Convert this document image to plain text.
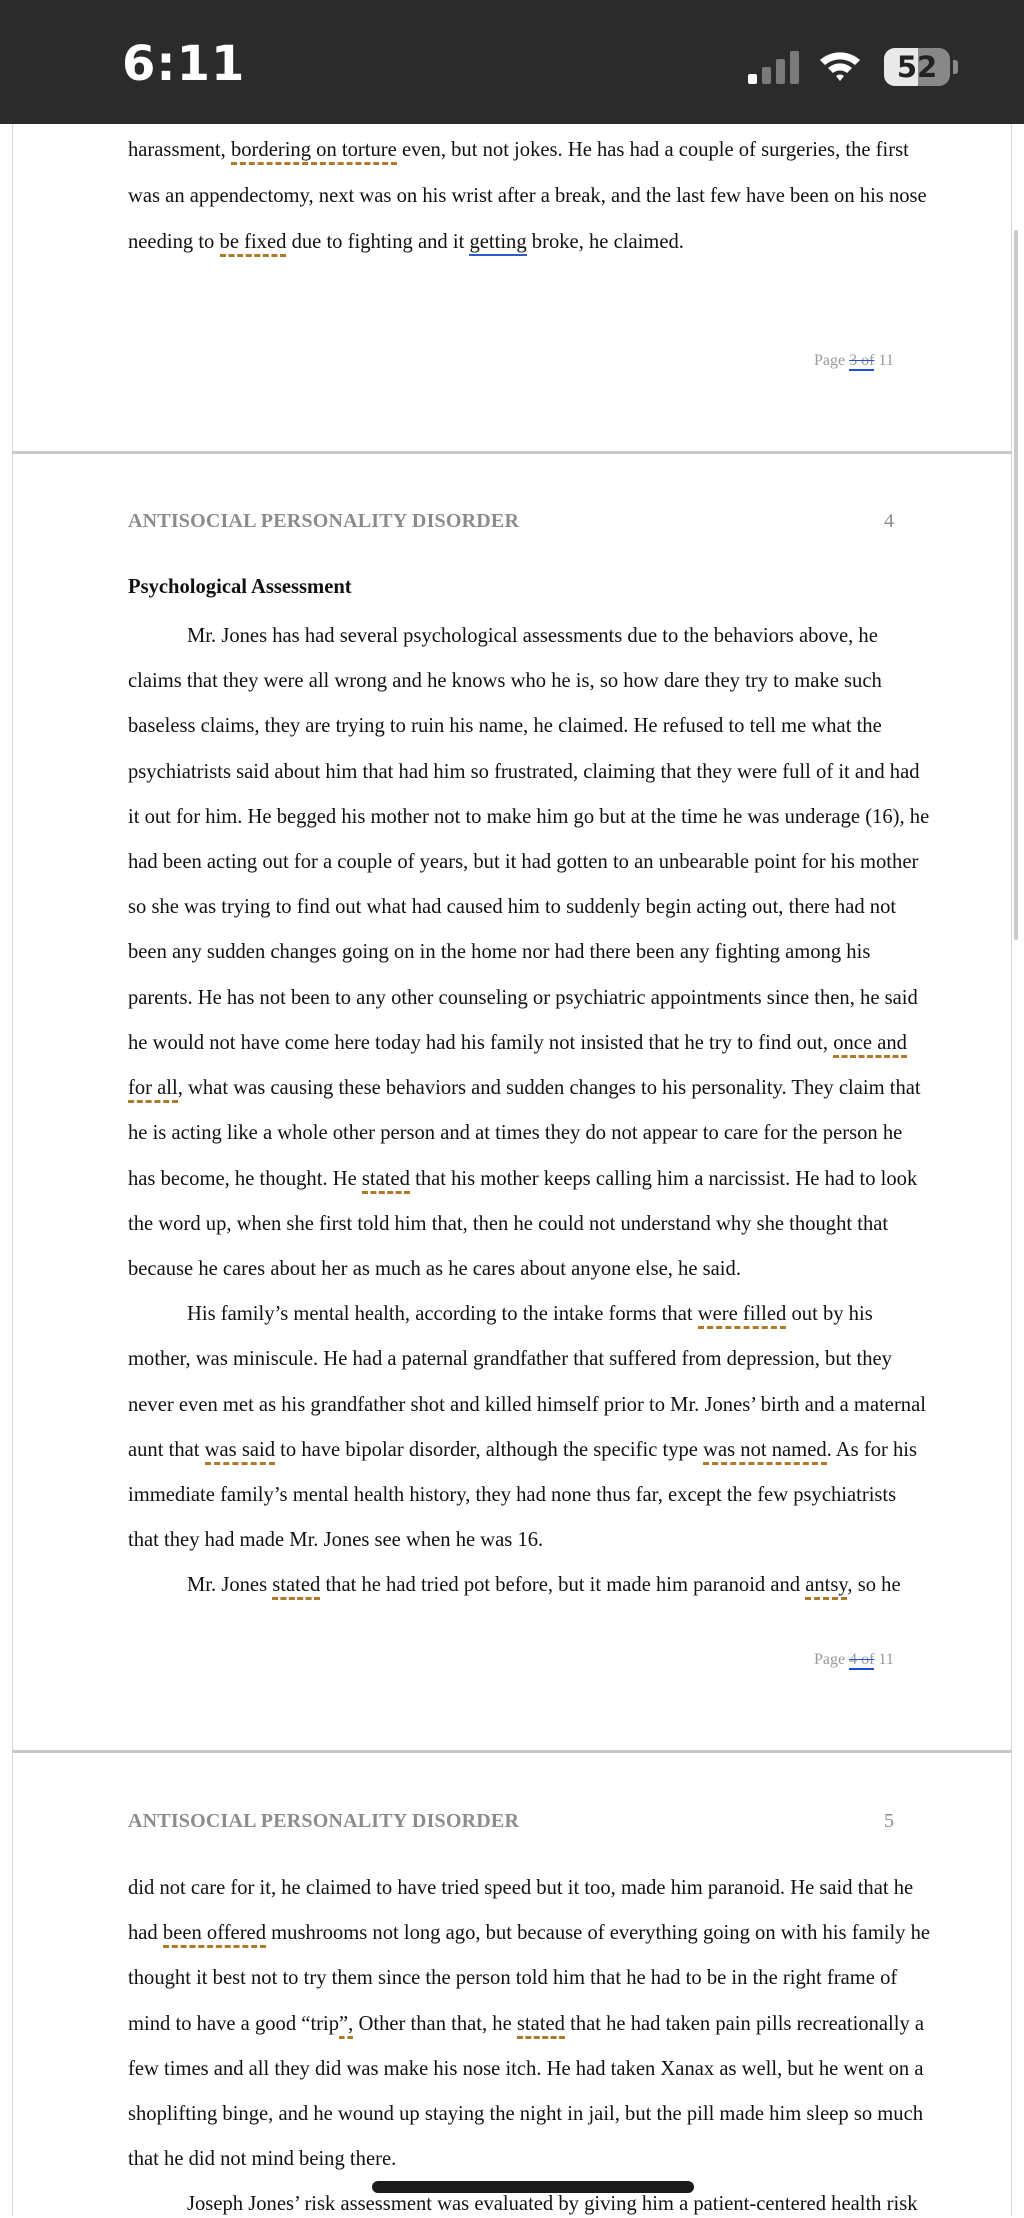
6:11	52
harassment, bordering on torture even, but not jokes. He has had a couple of surgeries, the first
was an appendectomy, next was on his wrist after a break, and the last few have been on his nose
needing to be fixed due to fighting and it getting broke, he claimed.
Page 3 of 11
ANTISOCIAL PERSONALITY DISORDER	4
Psychological Assessment
Mr. Jones has had several psychological assessments due to the behaviors above, he
claims that they were all wrong and he knows who he is, so how dare they try to make such
baseless claims, they are trying to ruin his name, he claimed. He refused to tell me what the
psychiatrists said about him that had him so frustrated, claiming that they were full of it and had
it out for him. He begged his mother not to make him go but at the time he was underage (16), he
had been acting out for a couple of years, but it had gotten to an unbearable point for his mother
so she was trying to find out what had caused him to suddenly begin acting out, there had not
been any sudden changes going on in the home nor had there been any fighting among his
parents. He has not been to any other counseling or psychiatric appointments since then, he said
he would not have come here today had his family not insisted that he try to find out, once and
for all, what was causing these behaviors and sudden changes to his personality. They claim that
he is acting like a whole other person and at times they do not appear to care for the person he
has become, he thought. He stated that his mother keeps calling him a narcissist. He had to look
the word up, when she first told him that, then he could not understand why she thought that
because he cares about her as much as he cares about anyone else, he said.
His family’s mental health, according to the intake forms that were filled out by his
mother, was miniscule. He had a paternal grandfather that suffered from depression, but they
never even met as his grandfather shot and killed himself prior to Mr. Jones’ birth and a maternal
aunt that was said to have bipolar disorder, although the specific type was not named. As for his
immediate family’s mental health history, they had none thus far, except the few psychiatrists
that they had made Mr. Jones see when he was 16.
Mr. Jones stated that he had tried pot before, but it made him paranoid and antsy, so he
Page 4 of 11
ANTISOCIAL PERSONALITY DISORDER	5
did not care for it, he claimed to have tried speed but it too, made him paranoid. He said that he
had been offered mushrooms not long ago, but because of everything going on with his family he
thought it best not to try them since the person told him that he had to be in the right frame of
mind to have a good “trip”, Other than that, he stated that he had taken pain pills recreationally a
few times and all they did was make his nose itch. He had taken Xanax as well, but he went on a
shoplifting binge, and he wound up staying the night in jail, but the pill made him sleep so much
that he did not mind being there.
Joseph Jones’ risk assessment was evaluated by giving him a patient-centered health risk
